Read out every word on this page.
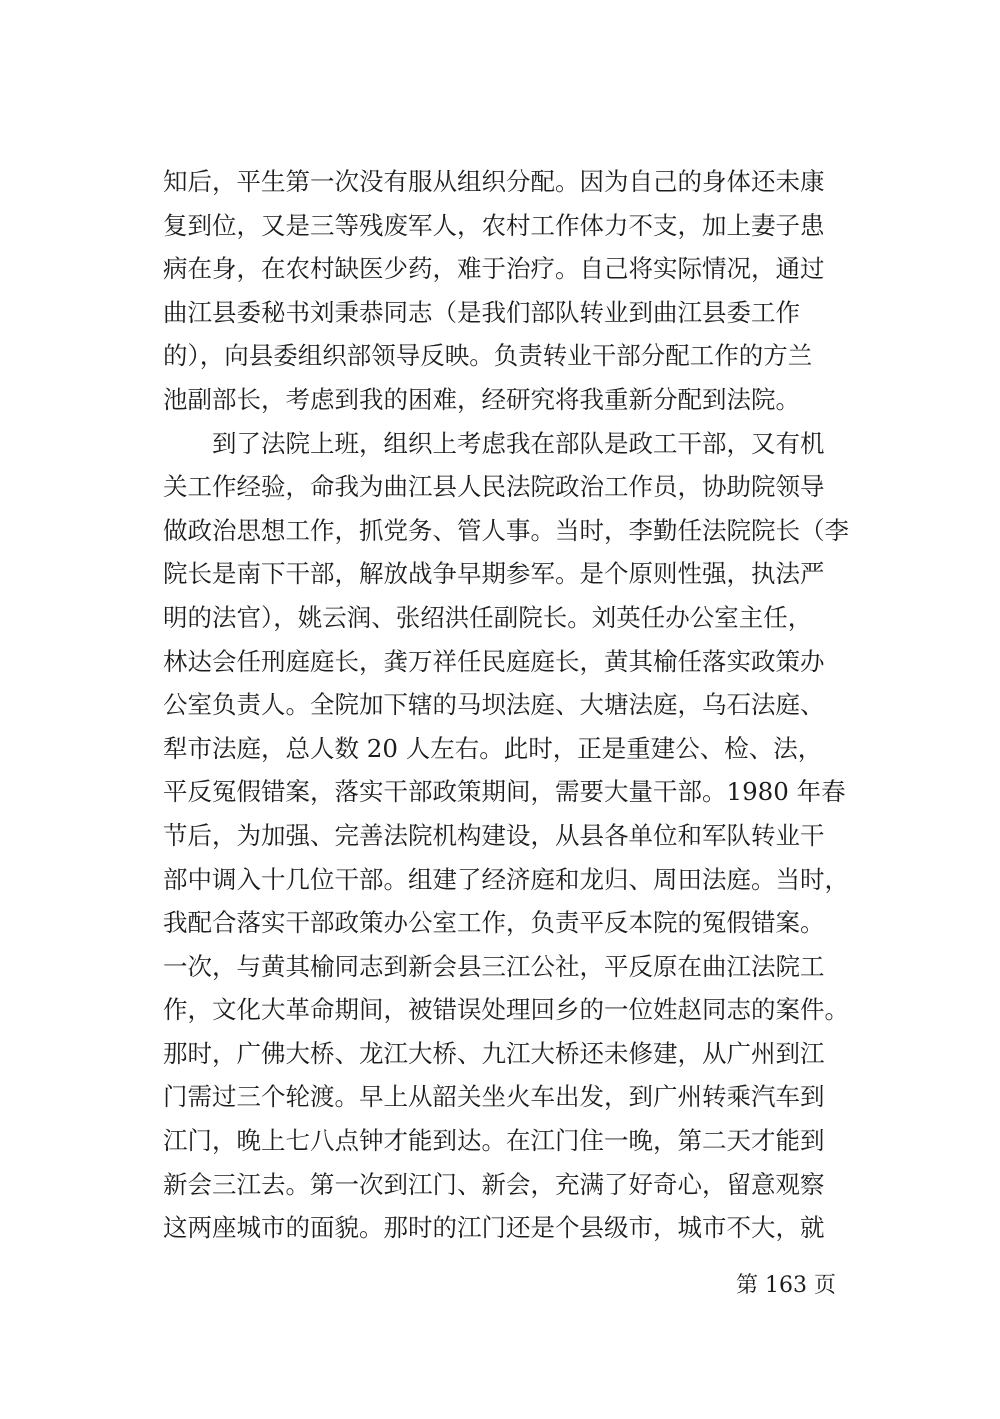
知后，平生第一次没有服从组织分配。因为自己的身体还未康
复到位，又是三等残废军人，农村工作体力不支，加上妻子患
病在身，在农村缺医少药，难于治疗。自己将实际情况，通过
曲江县委秘书刘秉恭同志（是我们部队转业到曲江县委工作
的），向县委组织部领导反映。负责转业干部分配工作的方兰
池副部长，考虑到我的困难，经研究将我重新分配到法院。
　　到了法院上班，组织上考虑我在部队是政工干部，又有机
关工作经验，命我为曲江县人民法院政治工作员，协助院领导
做政治思想工作，抓党务、管人事。当时，李勤任法院院长（李
院长是南下干部，解放战争早期参军。是个原则性强，执法严
明的法官），姚云润、张绍洪任副院长。刘英任办公室主任，
林达会任刑庭庭长，龚万祥任民庭庭长，黄其榆任落实政策办
公室负责人。全院加下辖的马坝法庭、大塘法庭，乌石法庭、
犁市法庭，总人数 20 人左右。此时，正是重建公、检、法，
平反冤假错案，落实干部政策期间，需要大量干部。1980 年春
节后，为加强、完善法院机构建设，从县各单位和军队转业干
部中调入十几位干部。组建了经济庭和龙归、周田法庭。当时，
我配合落实干部政策办公室工作，负责平反本院的冤假错案。
一次，与黄其榆同志到新会县三江公社，平反原在曲江法院工
作，文化大革命期间，被错误处理回乡的一位姓赵同志的案件。
那时，广佛大桥、龙江大桥、九江大桥还未修建，从广州到江
门需过三个轮渡。早上从韶关坐火车出发，到广州转乘汽车到
江门，晚上七八点钟才能到达。在江门住一晚，第二天才能到
新会三江去。第一次到江门、新会，充满了好奇心，留意观察
这两座城市的面貌。那时的江门还是个县级市，城市不大，就
第 163 页
